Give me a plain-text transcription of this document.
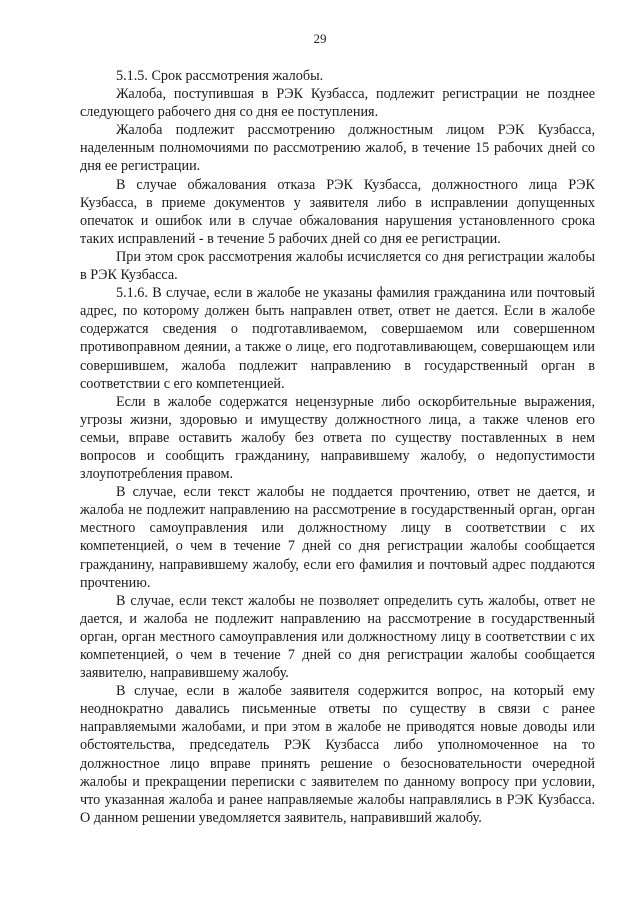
29

5.1.5. Срок рассмотрения жалобы.

Жалоба, поступившая в РЭК Кузбасса, подлежит регистрации не позднее следующего рабочего дня со дня ее поступления.

Жалоба подлежит рассмотрению должностным лицом РЭК Кузбасса, наделенным полномочиями по рассмотрению жалоб, в течение 15 рабочих дней со дня ее регистрации.

В случае обжалования отказа РЭК Кузбасса, должностного лица РЭК Кузбасса, в приеме документов у заявителя либо в исправлении допущенных опечаток и ошибок или в случае обжалования нарушения установленного срока таких исправлений - в течение 5 рабочих дней со дня ее регистрации.

При этом срок рассмотрения жалобы исчисляется со дня регистрации жалобы в РЭК Кузбасса.

5.1.6. В случае, если в жалобе не указаны фамилия гражданина или почтовый адрес, по которому должен быть направлен ответ, ответ не дается. Если в жалобе содержатся сведения о подготавливаемом, совершаемом или совершенном противоправном деянии, а также о лице, его подготавливающем, совершающем или совершившем, жалоба подлежит направлению в государственный орган в соответствии с его компетенцией.

Если в жалобе содержатся нецензурные либо оскорбительные выражения, угрозы жизни, здоровью и имуществу должностного лица, а также членов его семьи, вправе оставить жалобу без ответа по существу поставленных в нем вопросов и сообщить гражданину, направившему жалобу, о недопустимости злоупотребления правом.

В случае, если текст жалобы не поддается прочтению, ответ не дается, и жалоба не подлежит направлению на рассмотрение в государственный орган, орган местного самоуправления или должностному лицу в соответствии с их компетенцией, о чем в течение 7 дней со дня регистрации жалобы сообщается гражданину, направившему жалобу, если его фамилия и почтовый адрес поддаются прочтению.

В случае, если текст жалобы не позволяет определить суть жалобы, ответ не дается, и жалоба не подлежит направлению на рассмотрение в государственный орган, орган местного самоуправления или должностному лицу в соответствии с их компетенцией, о чем в течение 7 дней со дня регистрации жалобы сообщается заявителю, направившему жалобу.

В случае, если в жалобе заявителя содержится вопрос, на который ему неоднократно давались письменные ответы по существу в связи с ранее направляемыми жалобами, и при этом в жалобе не приводятся новые доводы или обстоятельства, председатель РЭК Кузбасса либо уполномоченное на то должностное лицо вправе принять решение о безосновательности очередной жалобы и прекращении переписки с заявителем по данному вопросу при условии, что указанная жалоба и ранее направляемые жалобы направлялись в РЭК Кузбасса. О данном решении уведомляется заявитель, направивший жалобу.
